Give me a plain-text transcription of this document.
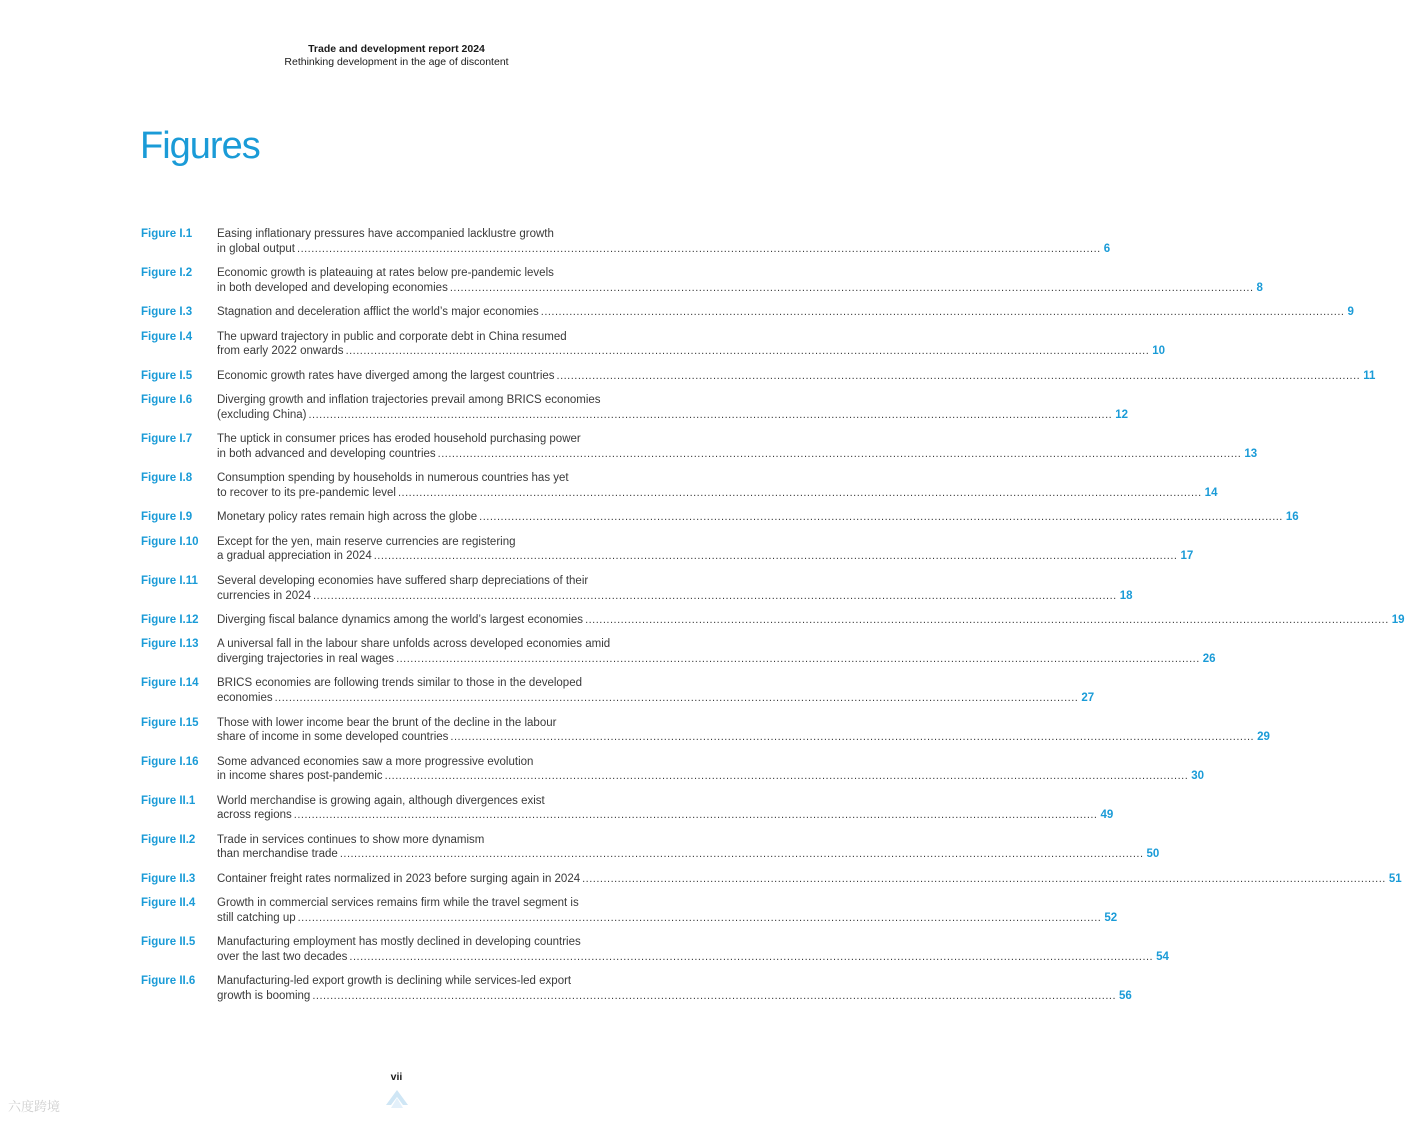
Trade and development report 2024
Rethinking development in the age of discontent
Figures
Figure I.1 Easing inflationary pressures have accompanied lacklustre growth
in global output .....	6
Figure I.2 Economic growth is plateauing at rates below pre-pandemic levels
in both developed and developing economies .....	8
Figure I.3 Stagnation and deceleration afflict the world’s major economies .....	9
Figure I.4 The upward trajectory in public and corporate debt in China resumed
from early 2022 onwards .....	10
Figure I.5 Economic growth rates have diverged among the largest countries .....	11
Figure I.6 Diverging growth and inflation trajectories prevail among BRICS economies
(excluding China) .....	12
Figure I.7 The uptick in consumer prices has eroded household purchasing power
in both advanced and developing countries .....	13
Figure I.8 Consumption spending by households in numerous countries has yet
to recover to its pre-pandemic level .....	14
Figure I.9 Monetary policy rates remain high across the globe .....	16
Figure I.10 Except for the yen, main reserve currencies are registering
a gradual appreciation in 2024 .....	17
Figure I.11 Several developing economies have suffered sharp depreciations of their
currencies in 2024 .....	18
Figure I.12 Diverging fiscal balance dynamics among the world’s largest economies .....	19
Figure I.13 A universal fall in the labour share unfolds across developed economies amid
diverging trajectories in real wages .....	26
Figure I.14 BRICS economies are following trends similar to those in the developed
economies .....	27
Figure I.15 Those with lower income bear the brunt of the decline in the labour
share of income in some developed countries .....	29
Figure I.16 Some advanced economies saw a more progressive evolution
in income shares post-pandemic .....	30
Figure II.1 World merchandise is growing again, although divergences exist
across regions .....	49
Figure II.2 Trade in services continues to show more dynamism
than merchandise trade .....	50
Figure II.3 Container freight rates normalized in 2023 before surging again in 2024 .....	51
Figure II.4 Growth in commercial services remains firm while the travel segment is
still catching up .....	52
Figure II.5 Manufacturing employment has mostly declined in developing countries
over the last two decades .....	54
Figure II.6 Manufacturing-led export growth is declining while services-led export
growth is booming .....	56
vii
六度跨境
